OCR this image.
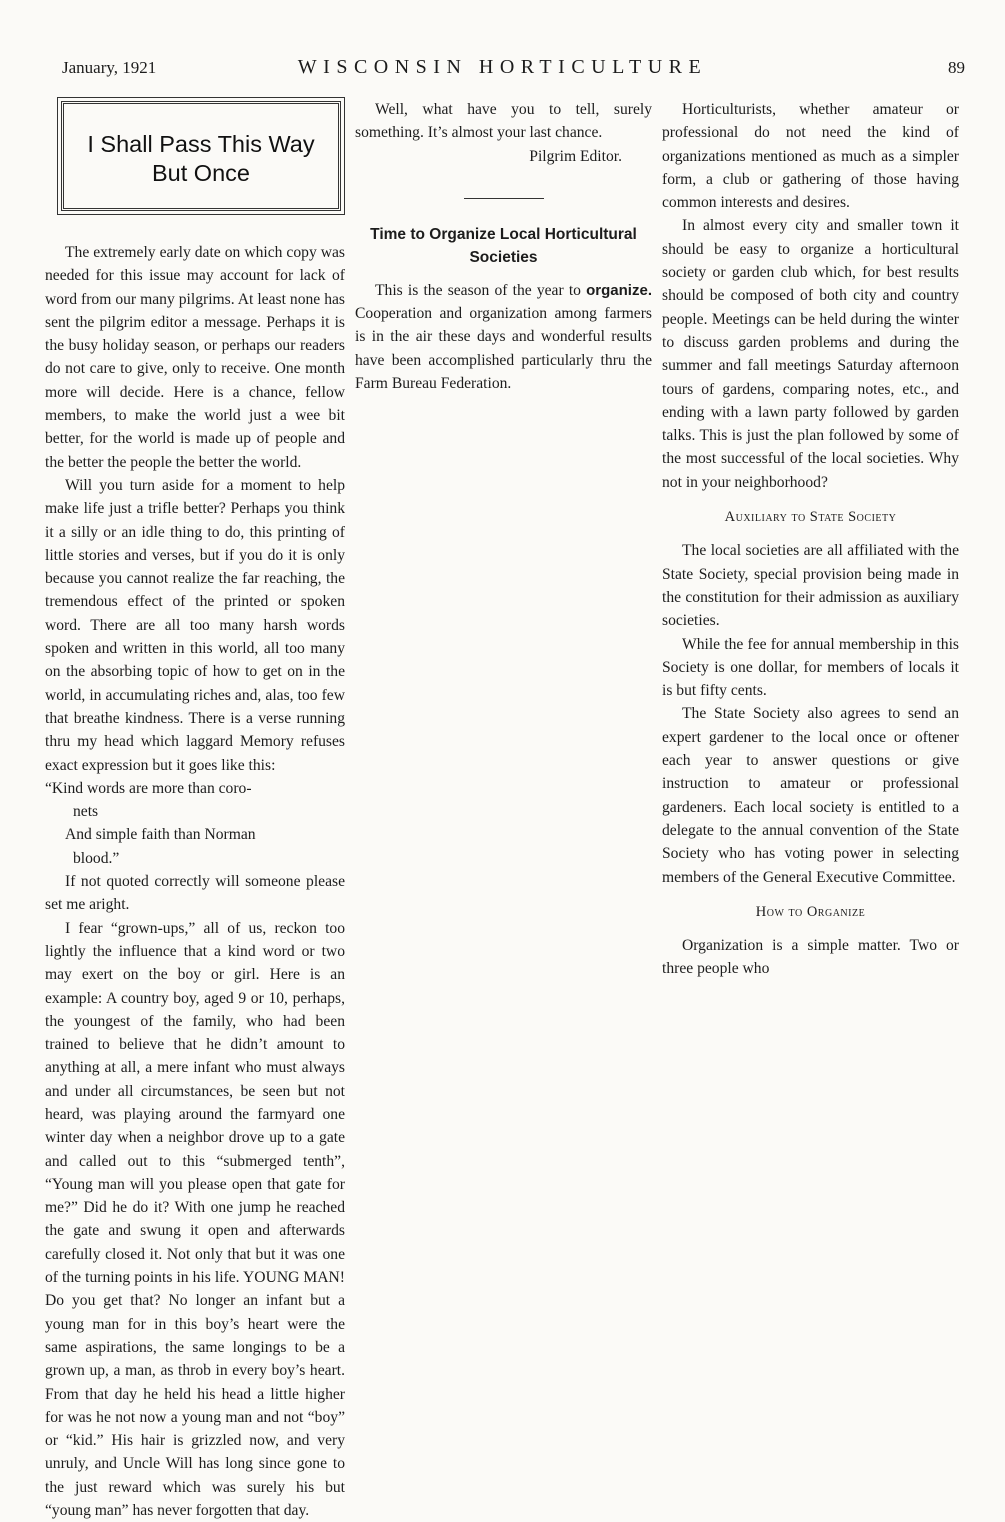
January, 1921	WISCONSIN HORTICULTURE	89
I Shall Pass This Way
But Once

The extremely early date on which copy was needed for this issue may account for lack of word from our many pilgrims. At least none has sent the pilgrim editor a message. Perhaps it is the busy holiday season, or perhaps our readers do not care to give, only to receive. One month more will decide. Here is a chance, fellow members, to make the world just a wee bit better, for the world is made up of people and the better the people the better the world.

Will you turn aside for a moment to help make life just a trifle better? Perhaps you think it a silly or an idle thing to do, this printing of little stories and verses, but if you do it is only because you cannot realize the far reaching, the tremendous effect of the printed or spoken word. There are all too many harsh words spoken and written in this world, all too many on the absorbing topic of how to get on in the world, in accumulating riches and, alas, too few that breathe kindness. There is a verse running thru my head which laggard Memory refuses exact expression but it goes like this:

“Kind words are more than coro-

nets

And simple faith than Norman

blood.”

If not quoted correctly will someone please set me aright.

I fear “grown-ups,” all of us, reckon too lightly the influence that a kind word or two may exert on the boy or girl. Here is an example: A country boy, aged 9 or 10, perhaps, the youngest of the family, who had been trained to believe that he didn’t amount to anything at all, a mere infant who must always and under all circumstances, be seen but not heard, was playing around the farmyard one winter day when a neighbor drove up to a gate and called out to this “submerged tenth”, “Young man will you please open that gate for me?” Did he do it? With one jump he reached the gate and swung it open and afterwards carefully closed it. Not only that but it was one of the turning points in his life. YOUNG MAN! Do you get that? No longer an infant but a young man for in this boy’s heart were the same aspirations, the same longings to be a grown up, a man, as throb in every boy’s heart. From that day he held his head a little higher for was he not now a young man and not “boy” or “kid.” His hair is grizzled now, and very unruly, and Uncle Will has long since gone to the just reward which was surely his but “young man” has never forgotten that day.

Well, what have you to tell, surely something. It’s almost your last chance.

Pilgrim Editor.

Time to Organize Local Horticultural Societies

This is the season of the year to organize. Cooperation and organization among farmers is in the air these days and wonderful results have been accomplished particularly thru the Farm Bureau Federation.

Horticulturists, whether amateur or professional do not need the kind of organizations mentioned as much as a simpler form, a club or gathering of those having common interests and desires.

In almost every city and smaller town it should be easy to organize a horticultural society or garden club which, for best results should be composed of both city and country people. Meetings can be held during the winter to discuss garden problems and during the summer and fall meetings Saturday afternoon tours of gardens, comparing notes, etc., and ending with a lawn party followed by garden talks. This is just the plan followed by some of the most successful of the local societies. Why not in your neighborhood?

Auxiliary to State Society

The local societies are all affiliated with the State Society, special provision being made in the constitution for their admission as auxiliary societies.

While the fee for annual membership in this Society is one dollar, for members of locals it is but fifty cents.

The State Society also agrees to send an expert gardener to the local once or oftener each year to answer questions or give instruction to amateur or professional gardeners. Each local society is entitled to a delegate to the annual convention of the State Society who has voting power in selecting members of the General Executive Committee.

How to Organize

Organization is a simple matter. Two or three people who
